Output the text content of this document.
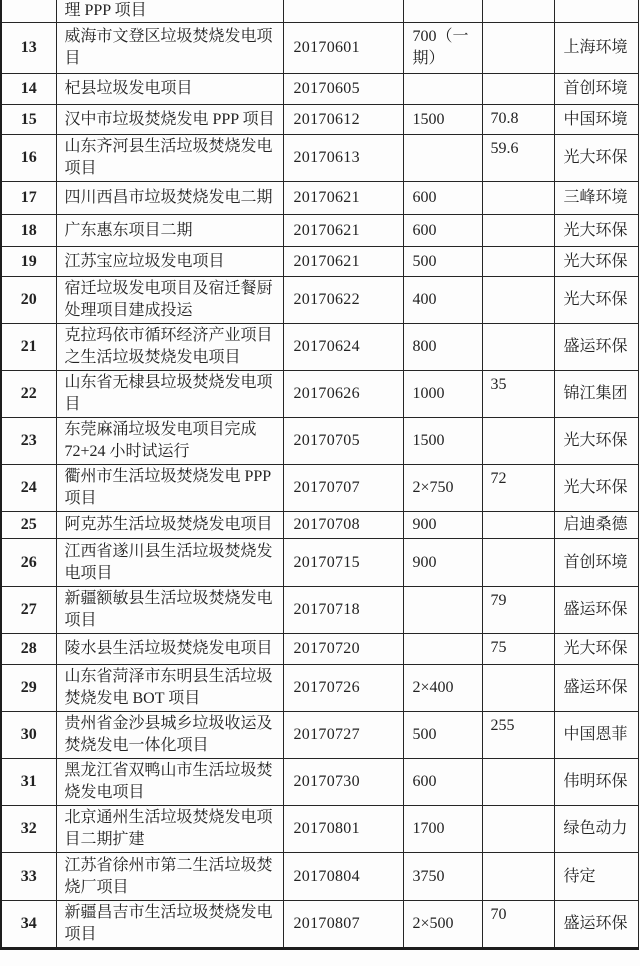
	理 PPP 项目				
13	威海市文登区垃圾焚烧发电项目	20170601	700（一期）		上海环境
14	杞县垃圾发电项目	20170605			首创环境
15	汉中市垃圾焚烧发电 PPP 项目	20170612	1500	70.8	中国环境
16	山东齐河县生活垃圾焚烧发电项目	20170613		59.6	光大环保
17	四川西昌市垃圾焚烧发电二期	20170621	600		三峰环境
18	广东惠东项目二期	20170621	600		光大环保
19	江苏宝应垃圾发电项目	20170621	500		光大环保
20	宿迁垃圾发电项目及宿迁餐厨处理项目建成投运	20170622	400		光大环保
21	克拉玛依市循环经济产业项目之生活垃圾焚烧发电项目	20170624	800		盛运环保
22	山东省无棣县垃圾焚烧发电项目	20170626	1000	35	锦江集团
23	东莞麻涌垃圾发电项目完成 72+24 小时试运行	20170705	1500		光大环保
24	衢州市生活垃圾焚烧发电 PPP 项目	20170707	2×750	72	光大环保
25	阿克苏生活垃圾焚烧发电项目	20170708	900		启迪桑德
26	江西省遂川县生活垃圾焚烧发电项目	20170715	900		首创环境
27	新疆额敏县生活垃圾焚烧发电项目	20170718		79	盛运环保
28	陵水县生活垃圾焚烧发电项目	20170720		75	光大环保
29	山东省菏泽市东明县生活垃圾焚烧发电 BOT 项目	20170726	2×400		盛运环保
30	贵州省金沙县城乡垃圾收运及焚烧发电一体化项目	20170727	500	255	中国恩菲
31	黑龙江省双鸭山市生活垃圾焚烧发电项目	20170730	600		伟明环保
32	北京通州生活垃圾焚烧发电项目二期扩建	20170801	1700		绿色动力
33	江苏省徐州市第二生活垃圾焚烧厂项目	20170804	3750		待定
34	新疆昌吉市生活垃圾焚烧发电项目	20170807	2×500	70	盛运环保
